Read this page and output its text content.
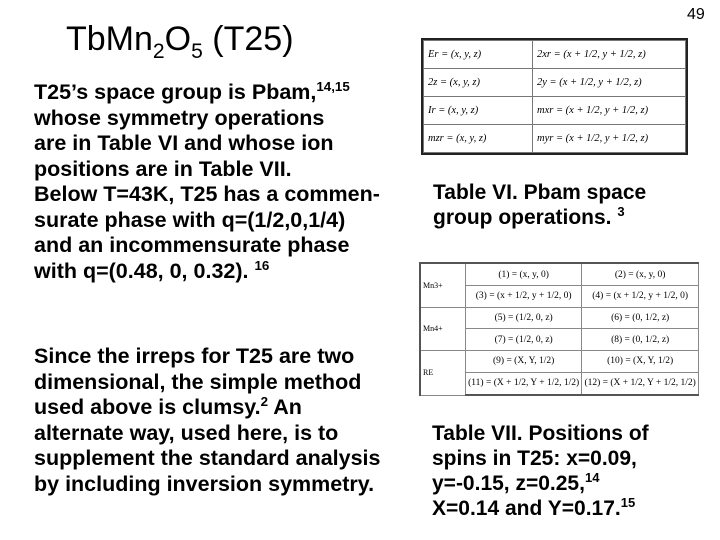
49
$TbMn_2O_5$ (T25)
T25’s space group is Pbam,$^{14,15}$
whose symmetry operations
are in Table VI and whose ion
positions are in Table VII.
Below T=43K, T25 has a commen-
surate phase with q=(1/2,0,1/4)
and an incommensurate phase
with q=(0.48, 0, 0.32). $^{16}$
Since the irreps for T25 are two
dimensional, the simple method
used above is clumsy.$^2$ An
alternate way, used here, is to
supplement the standard analysis
by including inversion symmetry.
Er = (x, y, z)	2xr = (x + 1/2, y + 1/2, z)
2z = (x, y, z)	2y = (x + 1/2, y + 1/2, z)
Ir = (x, y, z)	mxr = (x + 1/2, y + 1/2, z)
mzr = (x, y, z)	myr = (x + 1/2, y + 1/2, z)
Table VI. Pbam space
group operations. $^3$
Mn3+	(1) = (x, y, 0)	(2) = (x, y, 0)
	(3) = (x + 1/2, y + 1/2, 0)	(4) = (x + 1/2, y + 1/2, 0)
Mn4+	(5) = (1/2, 0, z)	(6) = (0, 1/2, z)
	(7) = (1/2, 0, z)	(8) = (0, 1/2, z)
RE	(9) = (X, Y, 1/2)	(10) = (X, Y, 1/2)
	(11) = (X + 1/2, Y + 1/2, 1/2)	(12) = (X + 1/2, Y + 1/2, 1/2)
Table VII. Positions of
spins in T25: x=0.09,
y=-0.15, z=0.25,14
X=0.14 and Y=0.17.15
